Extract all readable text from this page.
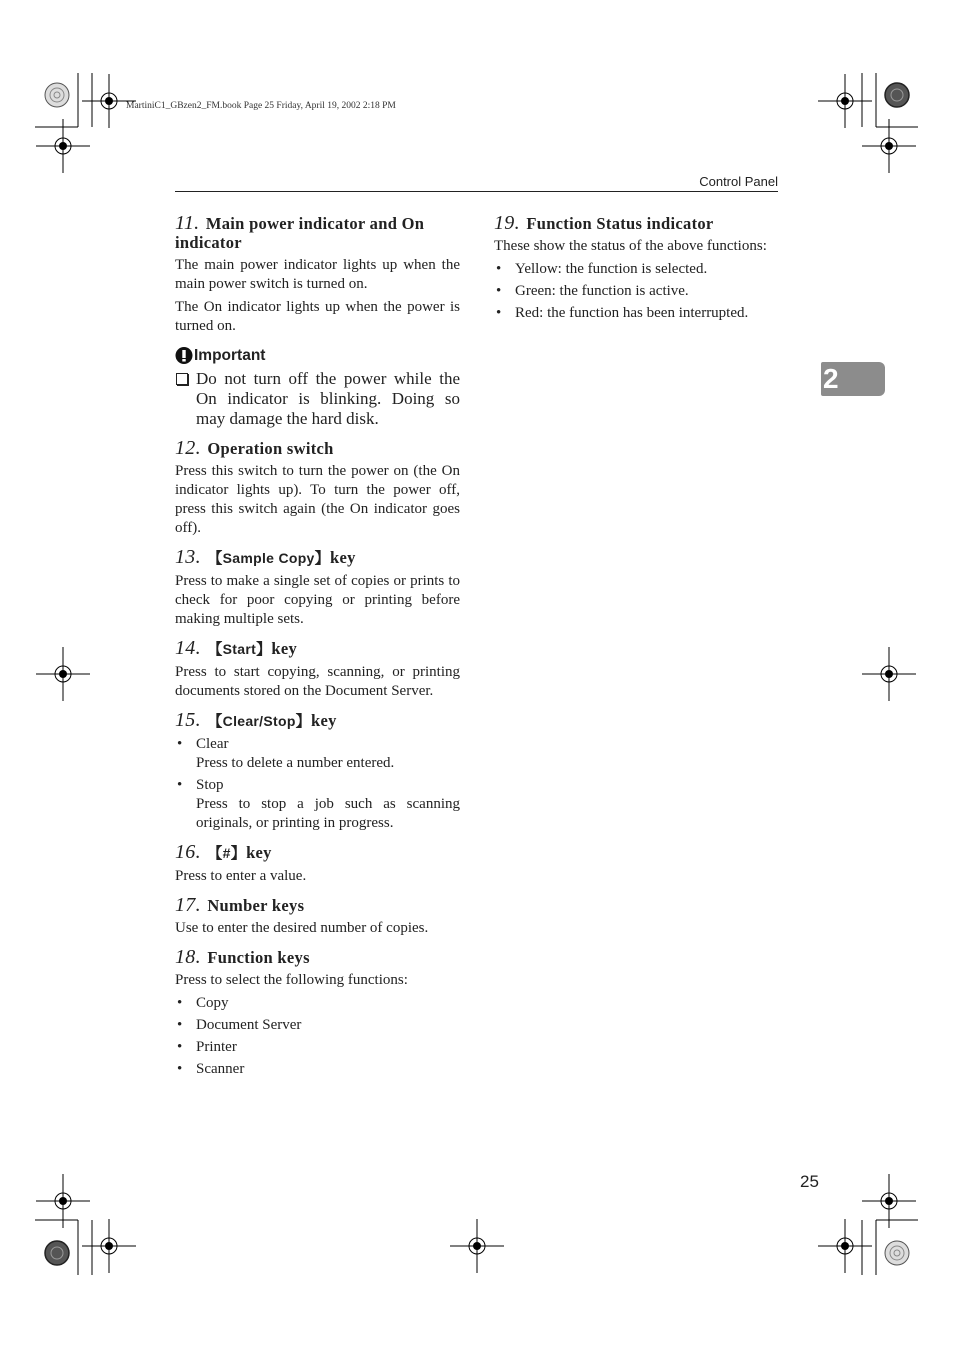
MartiniC1_GBzen2_FM.book Page 25 Friday, April 19, 2002 2:18 PM
Control Panel
2
11. Main power indicator and On indicator

The main power indicator lights up when the main power switch is turned on.

The On indicator lights up when the power is turned on.

Important
Do not turn off the power while the On indicator is blinking. Doing so may damage the hard disk.
12. Operation switch

Press this switch to turn the power on (the On indicator lights up). To turn the power off, press this switch again (the On indicator goes off).

13. 【Sample Copy】key

Press to make a single set of copies or prints to check for poor copying or printing before making multiple sets.

14. 【Start】key

Press to start copying, scanning, or printing documents stored on the Document Server.

15. 【Clear/Stop】key
• Clear
Press to delete a number entered.
• Stop
Press to stop a job such as scanning originals, or printing in progress.
16. 【#】key

Press to enter a value.

17. Number keys

Use to enter the desired number of copies.

18. Function keys

Press to select the following functions:

• Copy
• Document Server
• Printer
• Scanner
19. Function Status indicator

These show the status of the above functions:

• Yellow: the function is selected.
• Green: the function is active.
• Red: the function has been interrupted.
25
